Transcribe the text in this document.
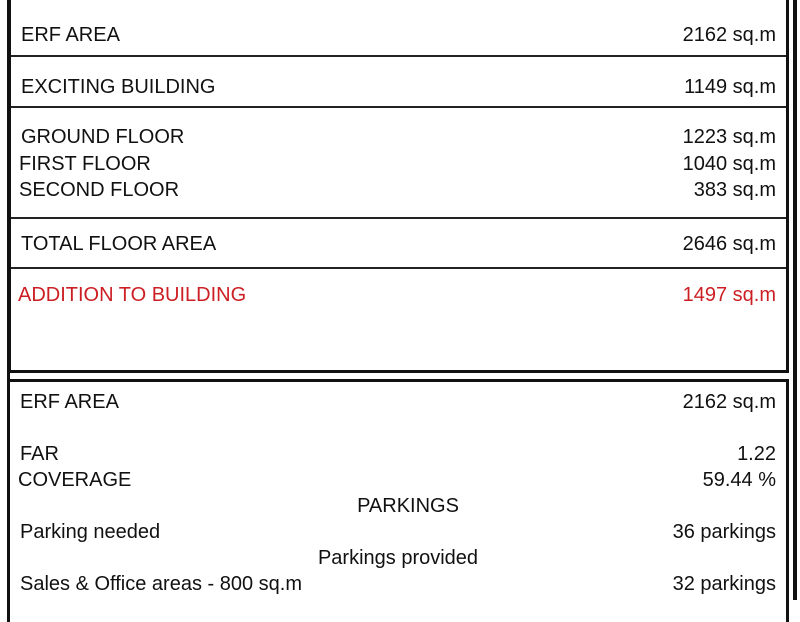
ERF AREA	2162 sq.m
EXCITING BUILDING	1149 sq.m
GROUND FLOOR	1223 sq.m
FIRST FLOOR	1040 sq.m
SECOND FLOOR	383 sq.m
TOTAL FLOOR AREA	2646 sq.m
ADDITION TO BUILDING	1497 sq.m
ERF AREA	2162 sq.m
FAR	1.22
COVERAGE	59.44 %
PARKINGS
Parking needed	36 parkings
Parkings provided
Sales & Office areas - 800 sq.m	32 parkings
